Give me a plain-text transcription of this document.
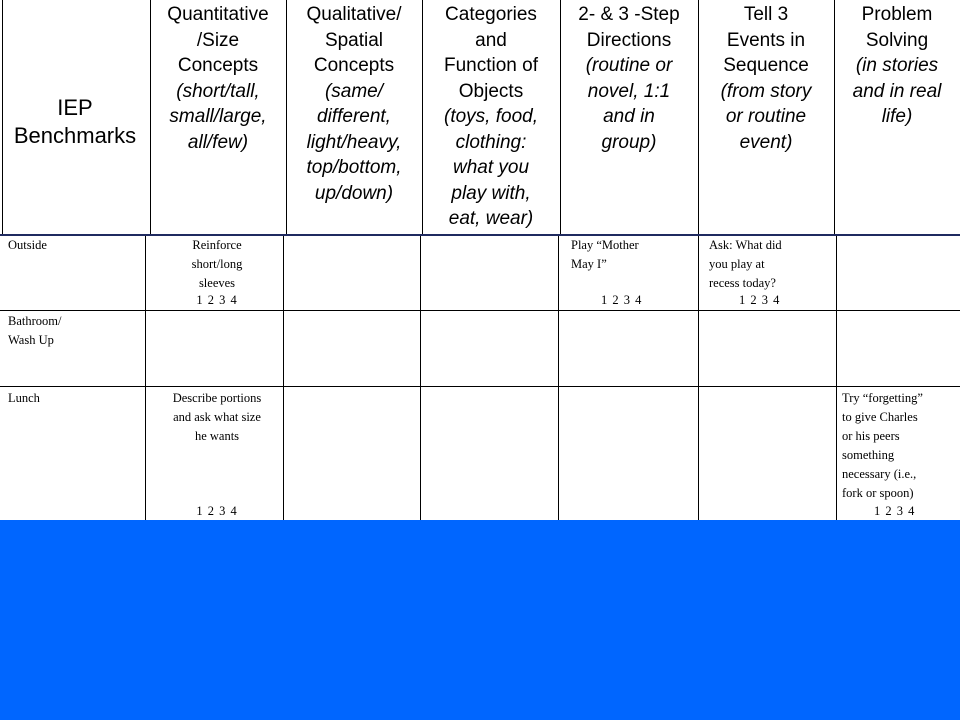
IEP
Benchmarks
Quantitative
/Size
Concepts
(short/tall,
small/large,
all/few)
Qualitative/
Spatial
Concepts
(same/
different,
light/heavy,
top/bottom,
up/down)
Categories
and
Function of
Objects
(toys, food,
clothing:
what you
play with,
eat, wear)
2- & 3 -Step
Directions
(routine or
novel, 1:1
and in
group)
Tell 3
Events in
Sequence
(from story
or routine
event)
Problem
Solving
(in stories
and in real
life)
Outside
Bathroom/
Wash Up
Lunch
Reinforce
short/long
sleeves
1 2 3 4
Play “Mother
May I”
1 2 3 4
Ask: What did
you play at
recess today?
1 2 3 4
Describe portions
and ask what size
he wants
1 2 3 4
Try “forgetting”
to give Charles
or his peers
something
necessary (i.e.,
fork or spoon)
1 2 3 4
